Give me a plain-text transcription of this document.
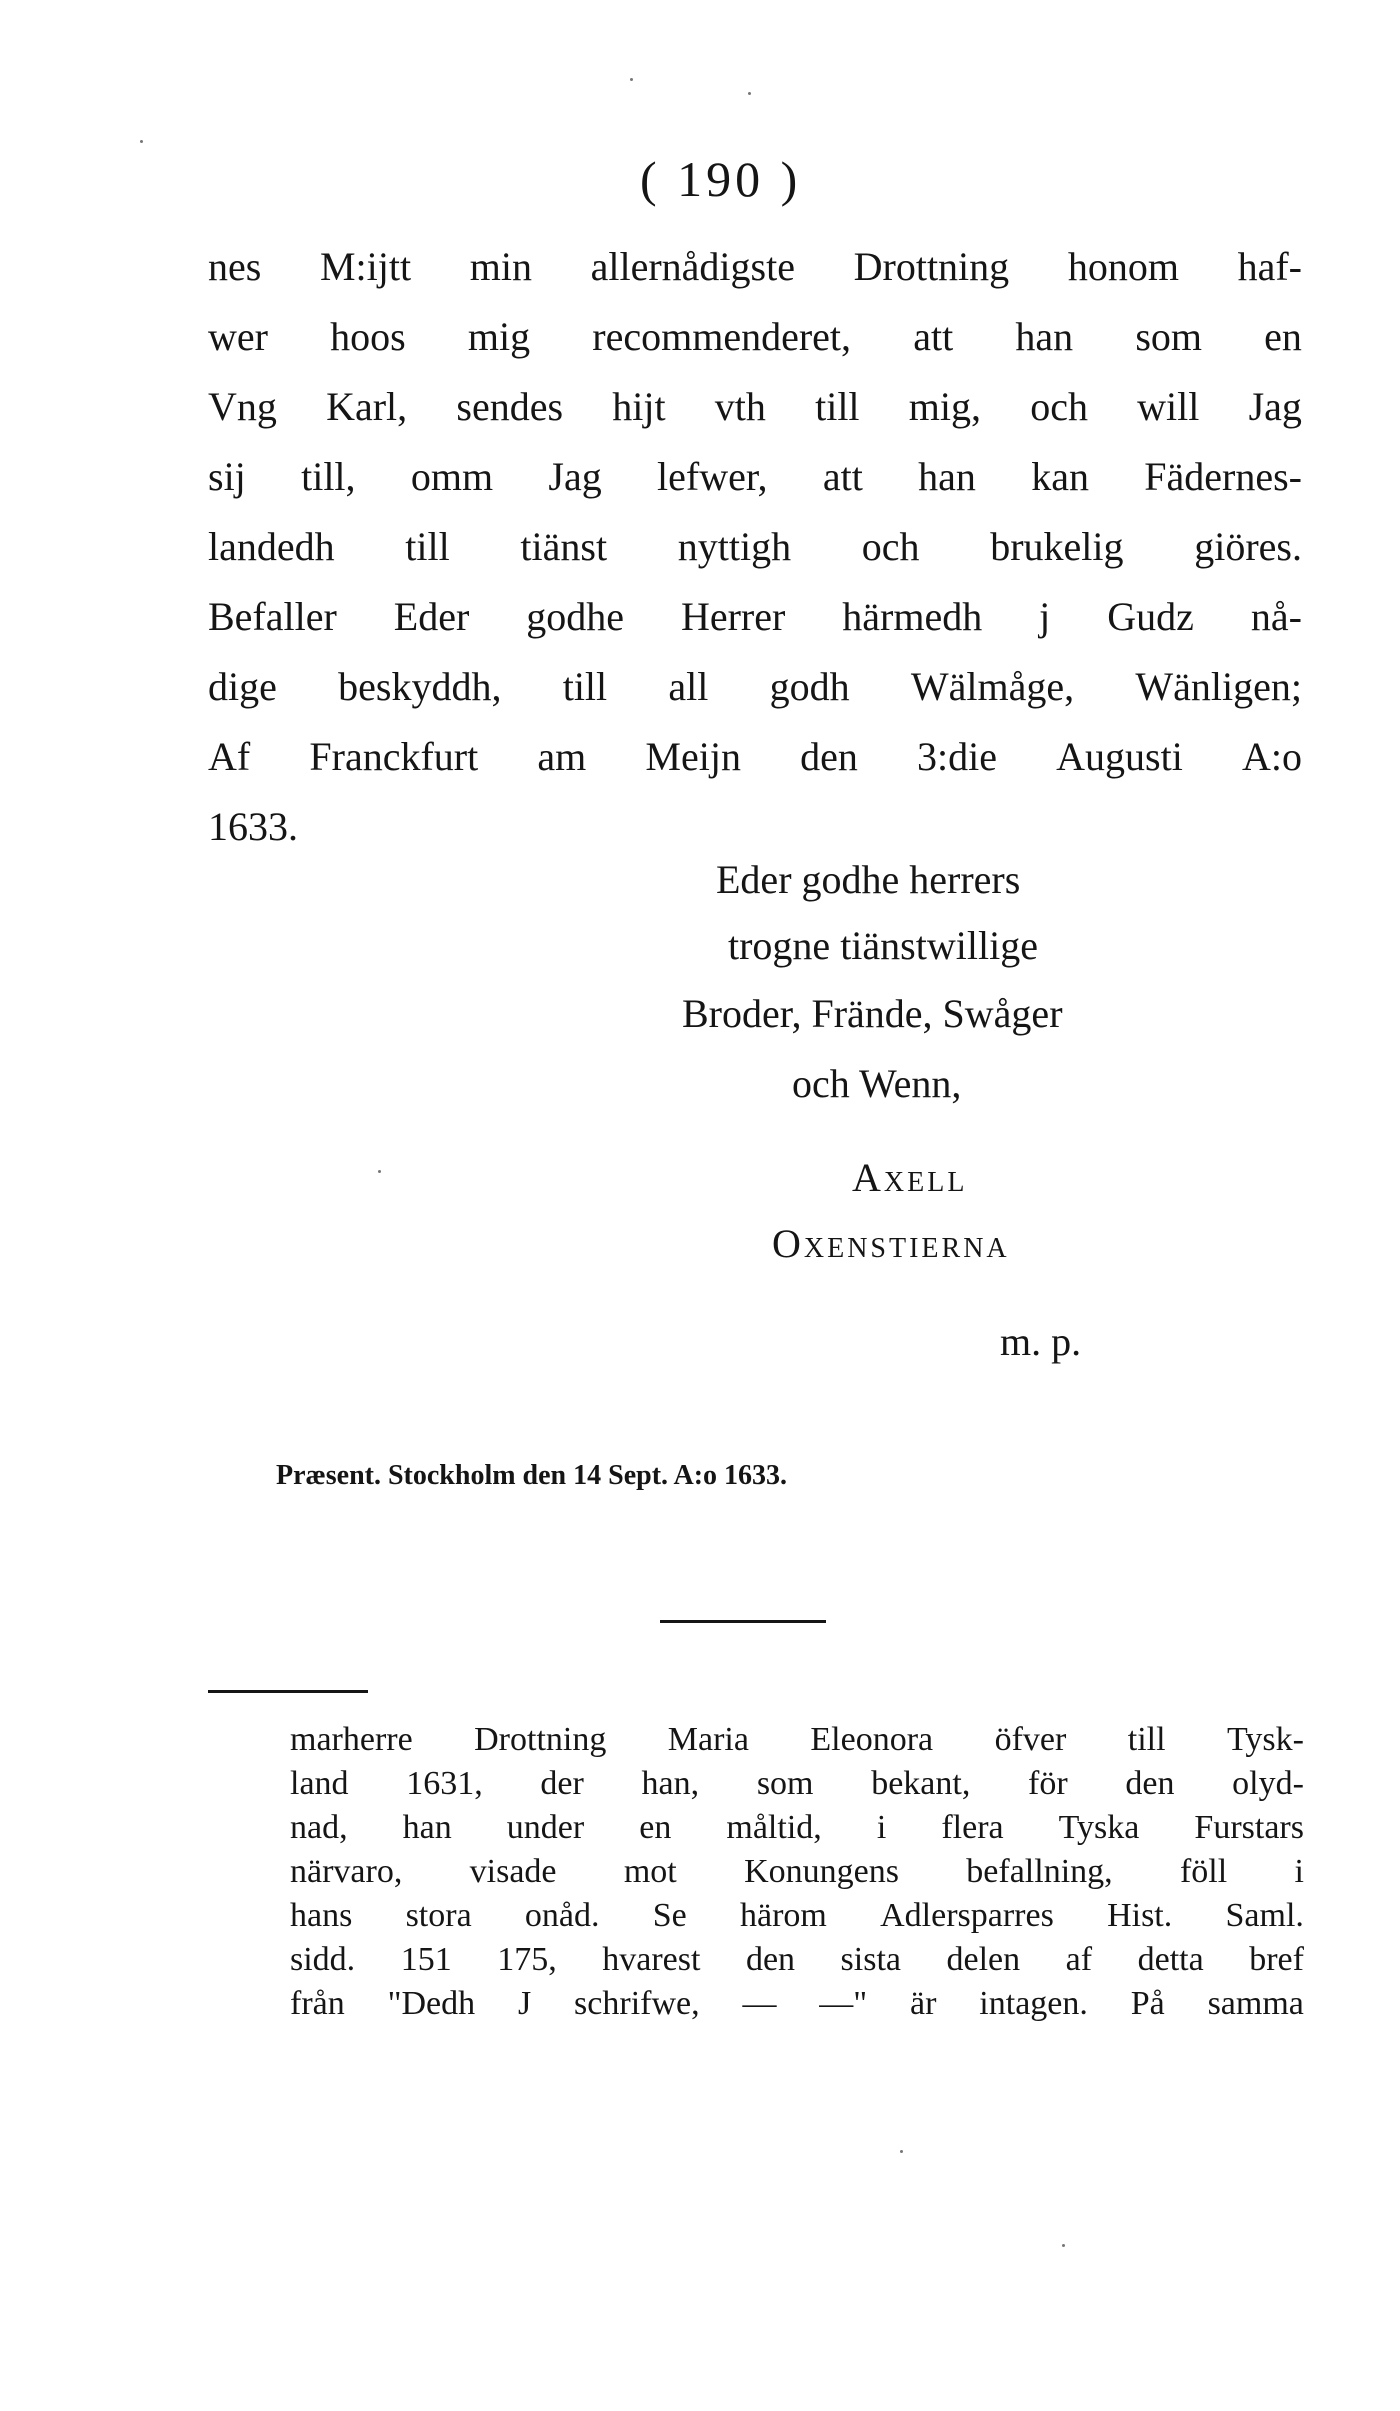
( 190 )
nes M:ijtt min allernådigste Drottning honom haf-
wer hoos mig recommenderet, att han som en
Vng Karl, sendes hijt vth till mig, och will Jag
sij till, omm Jag lefwer, att han kan Fädernes-
landedh till tiänst nyttigh och brukelig giöres.
Befaller Eder godhe Herrer härmedh j Gudz nå-
dige beskyddh, till all godh Wälmåge, Wänligen;
Af Franckfurt am Meijn den 3:die Augusti A:o
1633.
Eder godhe herrers
trogne tiänstwillige
Broder, Frände, Swåger
och Wenn,
Axell
Oxenstierna
m. p.
Præsent. Stockholm den 14 Sept. A:o 1633.
marherre Drottning Maria Eleonora öfver till Tysk-
land 1631, der han, som bekant, för den olyd-
nad, han under en måltid, i flera Tyska Furstars
närvaro, visade mot Konungens befallning, föll i
hans stora onåd. Se härom Adlersparres Hist. Saml.
sidd. 151 175, hvarest den sista delen af detta bref
från "Dedh J schrifwe, — —" är intagen. På samma
